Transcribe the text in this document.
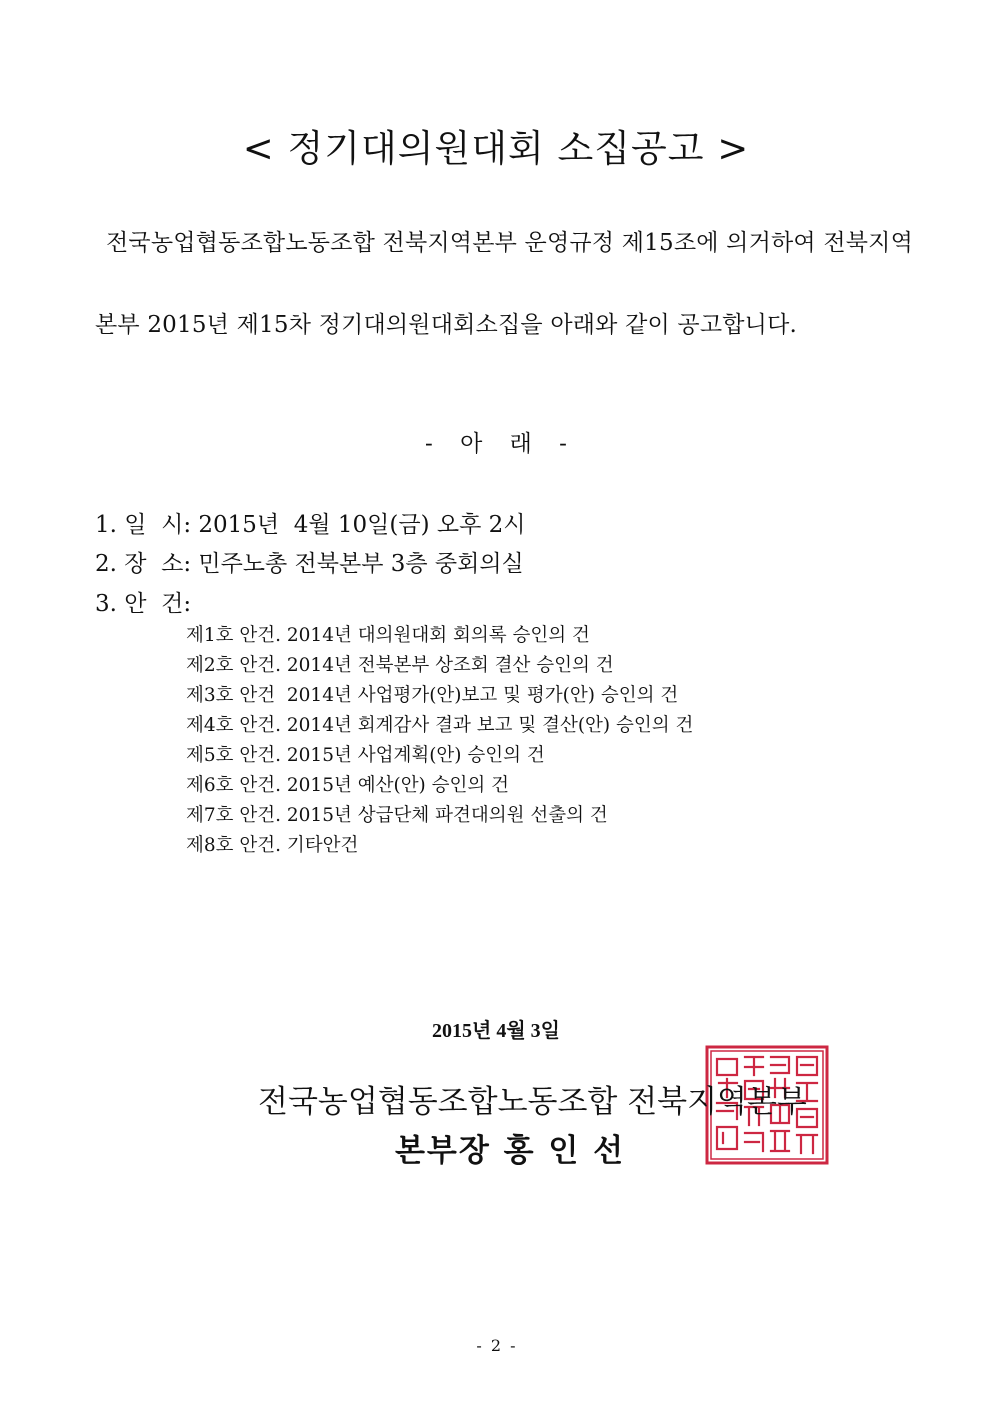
< 정기대의원대회 소집공고 >
전국농업협동조합노동조합 전북지역본부 운영규정 제15조에 의거하여 전북지역
본부 2015년 제15차 정기대의원대회소집을 아래와 같이 공고합니다.
- 아 래 -
1. 일  시: 2015년  4월 10일(금) 오후 2시
2. 장  소: 민주노총 전북본부 3층 중회의실
3. 안  건:
제1호 안건. 2014년 대의원대회 회의록 승인의 건
제2호 안건. 2014년 전북본부 상조회 결산 승인의 건
제3호 안건  2014년 사업평가(안)보고 및 평가(안) 승인의 건
제4호 안건. 2014년 회계감사 결과 보고 및 결산(안) 승인의 건
제5호 안건. 2015년 사업계획(안) 승인의 건
제6호 안건. 2015년 예산(안) 승인의 건
제7호 안건. 2015년 상급단체 파견대의원 선출의 건
제8호 안건. 기타안건
2015년 4월 3일
전국농업협동조합노동조합 전북지역본부
본부장 홍 인 선
- 2 -
